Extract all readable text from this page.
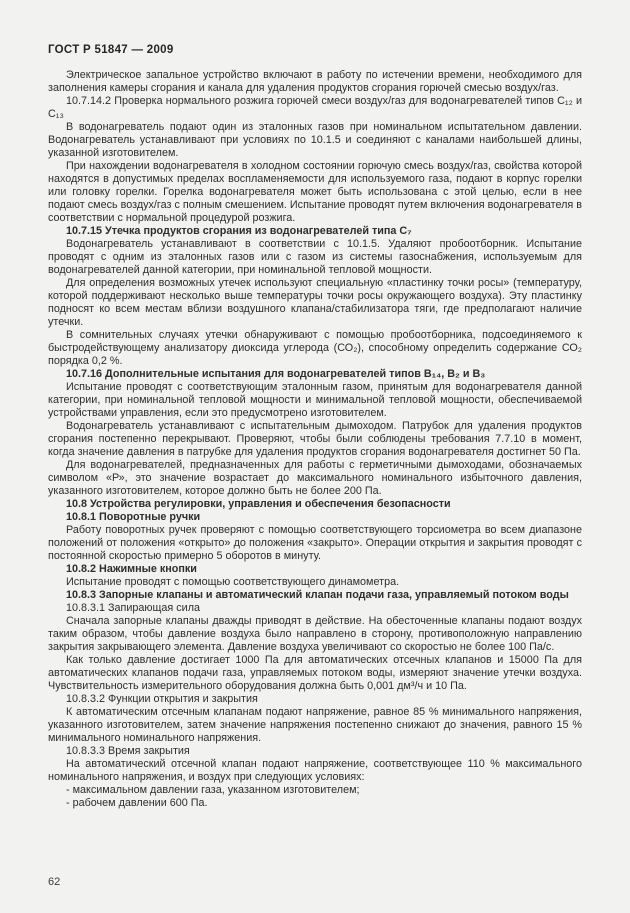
ГОСТ Р 51847 — 2009

Электрическое запальное устройство включают в работу по истечении времени, необходимого для заполнения камеры сгорания и канала для удаления продуктов сгорания горючей смесью воздух/газ.

10.7.14.2 Проверка нормального розжига горючей смеси воздух/газ для водонагревателей типов С₁₂ и С₁₃

В водонагреватель подают один из эталонных газов при номинальном испытательном давлении. Водонагреватель устанавливают при условиях по 10.1.5 и соединяют с каналами наибольшей длины, указанной изготовителем.

При нахождении водонагревателя в холодном состоянии горючую смесь воздух/газ, свойства которой находятся в допустимых пределах воспламеняемости для используемого газа, подают в корпус горелки или головку горелки. Горелка водонагревателя может быть использована с этой целью, если в нее подают смесь воздух/газ с полным смешением. Испытание проводят путем включения водонагревателя в соответствии с нормальной процедурой розжига.

10.7.15 Утечка продуктов сгорания из водонагревателей типа С₇

Водонагреватель устанавливают в соответствии с 10.1.5. Удаляют пробоотборник. Испытание проводят с одним из эталонных газов или с газом из системы газоснабжения, используемым для водонагревателей данной категории, при номинальной тепловой мощности.

Для определения возможных утечек используют специальную «пластинку точки росы» (температуру, которой поддерживают несколько выше температуры точки росы окружающего воздуха). Эту пластинку подносят ко всем местам вблизи воздушного клапана/стабилизатора тяги, где предполагают наличие утечки.

В сомнительных случаях утечки обнаруживают с помощью пробоотборника, подсоединяемого к быстродействующему анализатору диоксида углерода (СО₂), способному определить содержание СО₂ порядка 0,2 %.

10.7.16 Дополнительные испытания для водонагревателей типов В₁₄, В₂ и В₃

Испытание проводят с соответствующим эталонным газом, принятым для водонагревателя данной категории, при номинальной тепловой мощности и минимальной тепловой мощности, обеспечиваемой устройствами управления, если это предусмотрено изготовителем.

Водонагреватель устанавливают с испытательным дымоходом. Патрубок для удаления продуктов сгорания постепенно перекрывают. Проверяют, чтобы были соблюдены требования 7.7.10 в момент, когда значение давления в патрубке для удаления продуктов сгорания водонагревателя достигнет 50 Па.

Для водонагревателей, предназначенных для работы с герметичными дымоходами, обозначаемых символом «Р», это значение возрастает до максимального номинального избыточного давления, указанного изготовителем, которое должно быть не более 200 Па.

10.8 Устройства регулировки, управления и обеспечения безопасности

10.8.1 Поворотные ручки

Работу поворотных ручек проверяют с помощью соответствующего торсиометра во всем диапазоне положений от положения «открыто» до положения «закрыто». Операции открытия и закрытия проводят с постоянной скоростью примерно 5 оборотов в минуту.

10.8.2 Нажимные кнопки

Испытание проводят с помощью соответствующего динамометра.

10.8.3 Запорные клапаны и автоматический клапан подачи газа, управляемый потоком воды

10.8.3.1 Запирающая сила

Сначала запорные клапаны дважды приводят в действие. На обесточенные клапаны подают воздух таким образом, чтобы давление воздуха было направлено в сторону, противоположную направлению закрытия закрывающего элемента. Давление воздуха увеличивают со скоростью не более 100 Па/с.

Как только давление достигает 1000 Па для автоматических отсечных клапанов и 15000 Па для автоматических клапанов подачи газа, управляемых потоком воды, измеряют значение утечки воздуха. Чувствительность измерительного оборудования должна быть 0,001 дм³/ч и 10 Па.

10.8.3.2 Функции открытия и закрытия

К автоматическим отсечным клапанам подают напряжение, равное 85 % минимального напряжения, указанного изготовителем, затем значение напряжения постепенно снижают до значения, равного 15 % минимального номинального напряжения.

10.8.3.3 Время закрытия

На автоматический отсечной клапан подают напряжение, соответствующее 110 % максимального номинального напряжения, и воздух при следующих условиях:

- максимальном давлении газа, указанном изготовителем;

- рабочем давлении 600 Па.

62
